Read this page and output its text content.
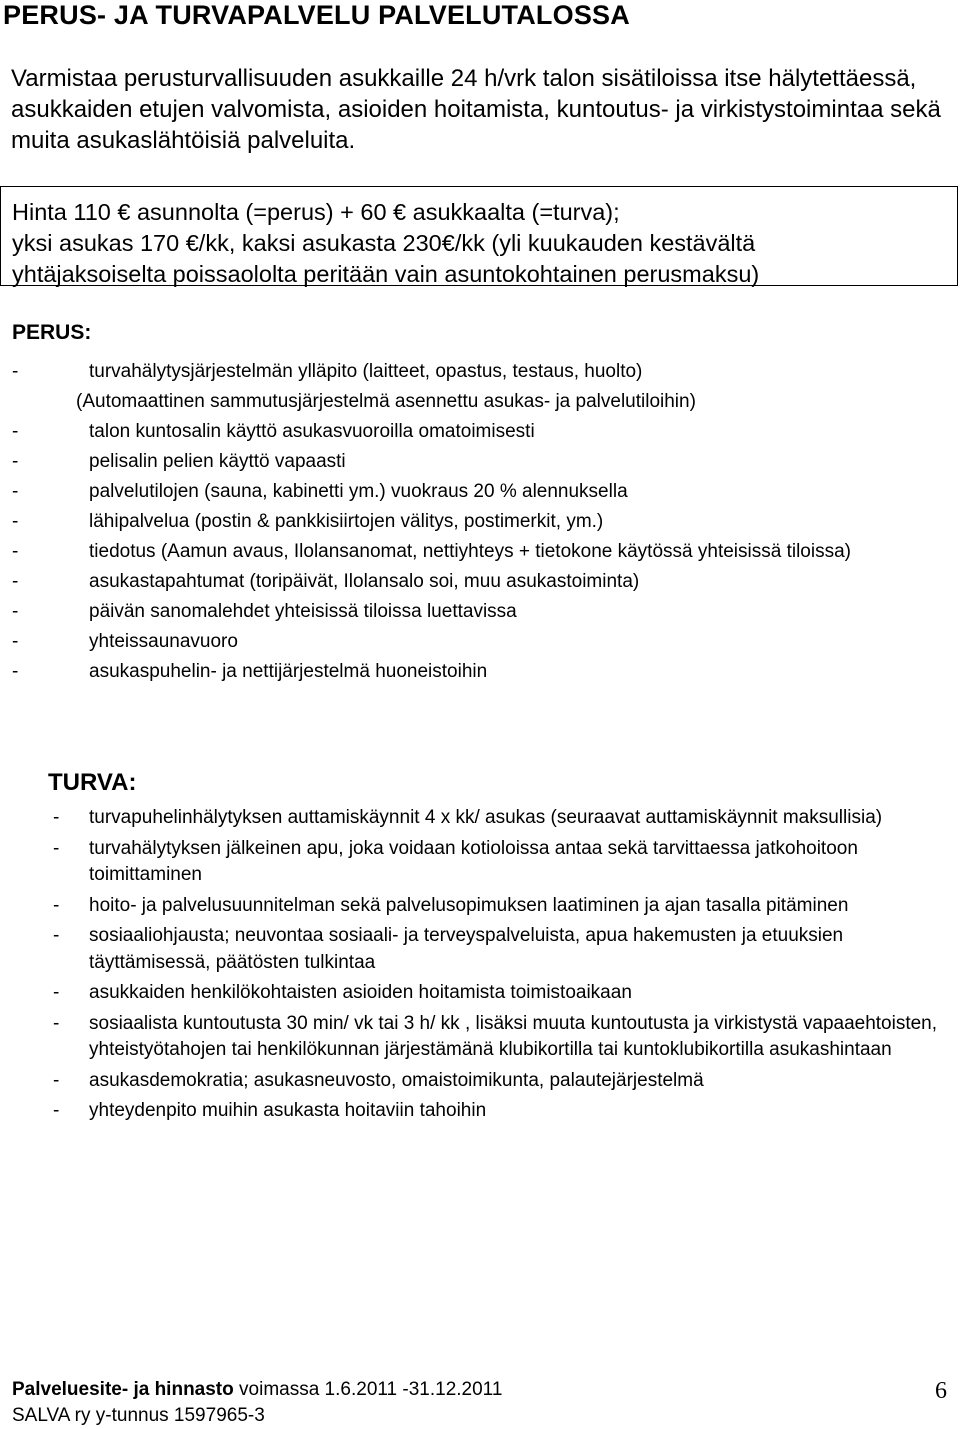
PERUS- JA TURVAPALVELU PALVELUTALOSSA
Varmistaa perusturvallisuuden asukkaille 24 h/vrk talon sisätiloissa itse hälytettäessä, asukkaiden etujen valvomista, asioiden hoitamista, kuntoutus- ja virkistystoimintaa sekä muita asukaslähtöisiä palveluita.
Hinta 110 € asunnolta (=perus) + 60 € asukkaalta (=turva);
yksi asukas 170 €/kk, kaksi asukasta 230€/kk (yli kuukauden kestävältä
yhtäjaksoiselta poissaololta peritään vain asuntokohtainen perusmaksu)
PERUS:
-	turvahälytysjärjestelmän ylläpito (laitteet, opastus, testaus, huolto)
(Automaattinen sammutusjärjestelmä asennettu asukas- ja palvelutiloihin)
-	talon kuntosalin käyttö asukasvuoroilla omatoimisesti
-	pelisalin pelien käyttö vapaasti
-	palvelutilojen (sauna, kabinetti ym.) vuokraus 20 % alennuksella
-	lähipalvelua (postin & pankkisiirtojen välitys, postimerkit, ym.)
-	tiedotus (Aamun avaus, Ilolansanomat, nettiyhteys + tietokone käytössä yhteisissä tiloissa)
-	asukastapahtumat (toripäivät, Ilolansalo soi, muu asukastoiminta)
-	päivän sanomalehdet yhteisissä tiloissa luettavissa
-	yhteissaunavuoro
-	asukaspuhelin- ja nettijärjestelmä huoneistoihin
TURVA:
- turvapuhelinhälytyksen auttamiskäynnit 4 x kk/ asukas (seuraavat auttamiskäynnit maksullisia)
- turvahälytyksen jälkeinen apu, joka voidaan kotioloissa antaa sekä tarvittaessa jatkohoitoon toimittaminen
- hoito- ja palvelusuunnitelman sekä palvelusopimuksen laatiminen ja ajan tasalla pitäminen
- sosiaaliohjausta; neuvontaa sosiaali- ja terveyspalveluista, apua hakemusten ja etuuksien täyttämisessä, päätösten tulkintaa
- asukkaiden henkilökohtaisten asioiden hoitamista toimistoaikaan
- sosiaalista kuntoutusta 30 min/ vk tai 3 h/ kk , lisäksi muuta kuntoutusta ja virkistystä vapaaehtoisten, yhteistyötahojen tai henkilökunnan järjestämänä klubikortilla tai kuntoklubikortilla asukashintaan
- asukasdemokratia; asukasneuvosto, omaistoimikunta, palautejärjestelmä
- yhteydenpito muihin asukasta hoitaviin tahoihin
Palveluesite- ja hinnasto voimassa 1.6.2011 -31.12.2011
SALVA ry y-tunnus 1597965-3
6
